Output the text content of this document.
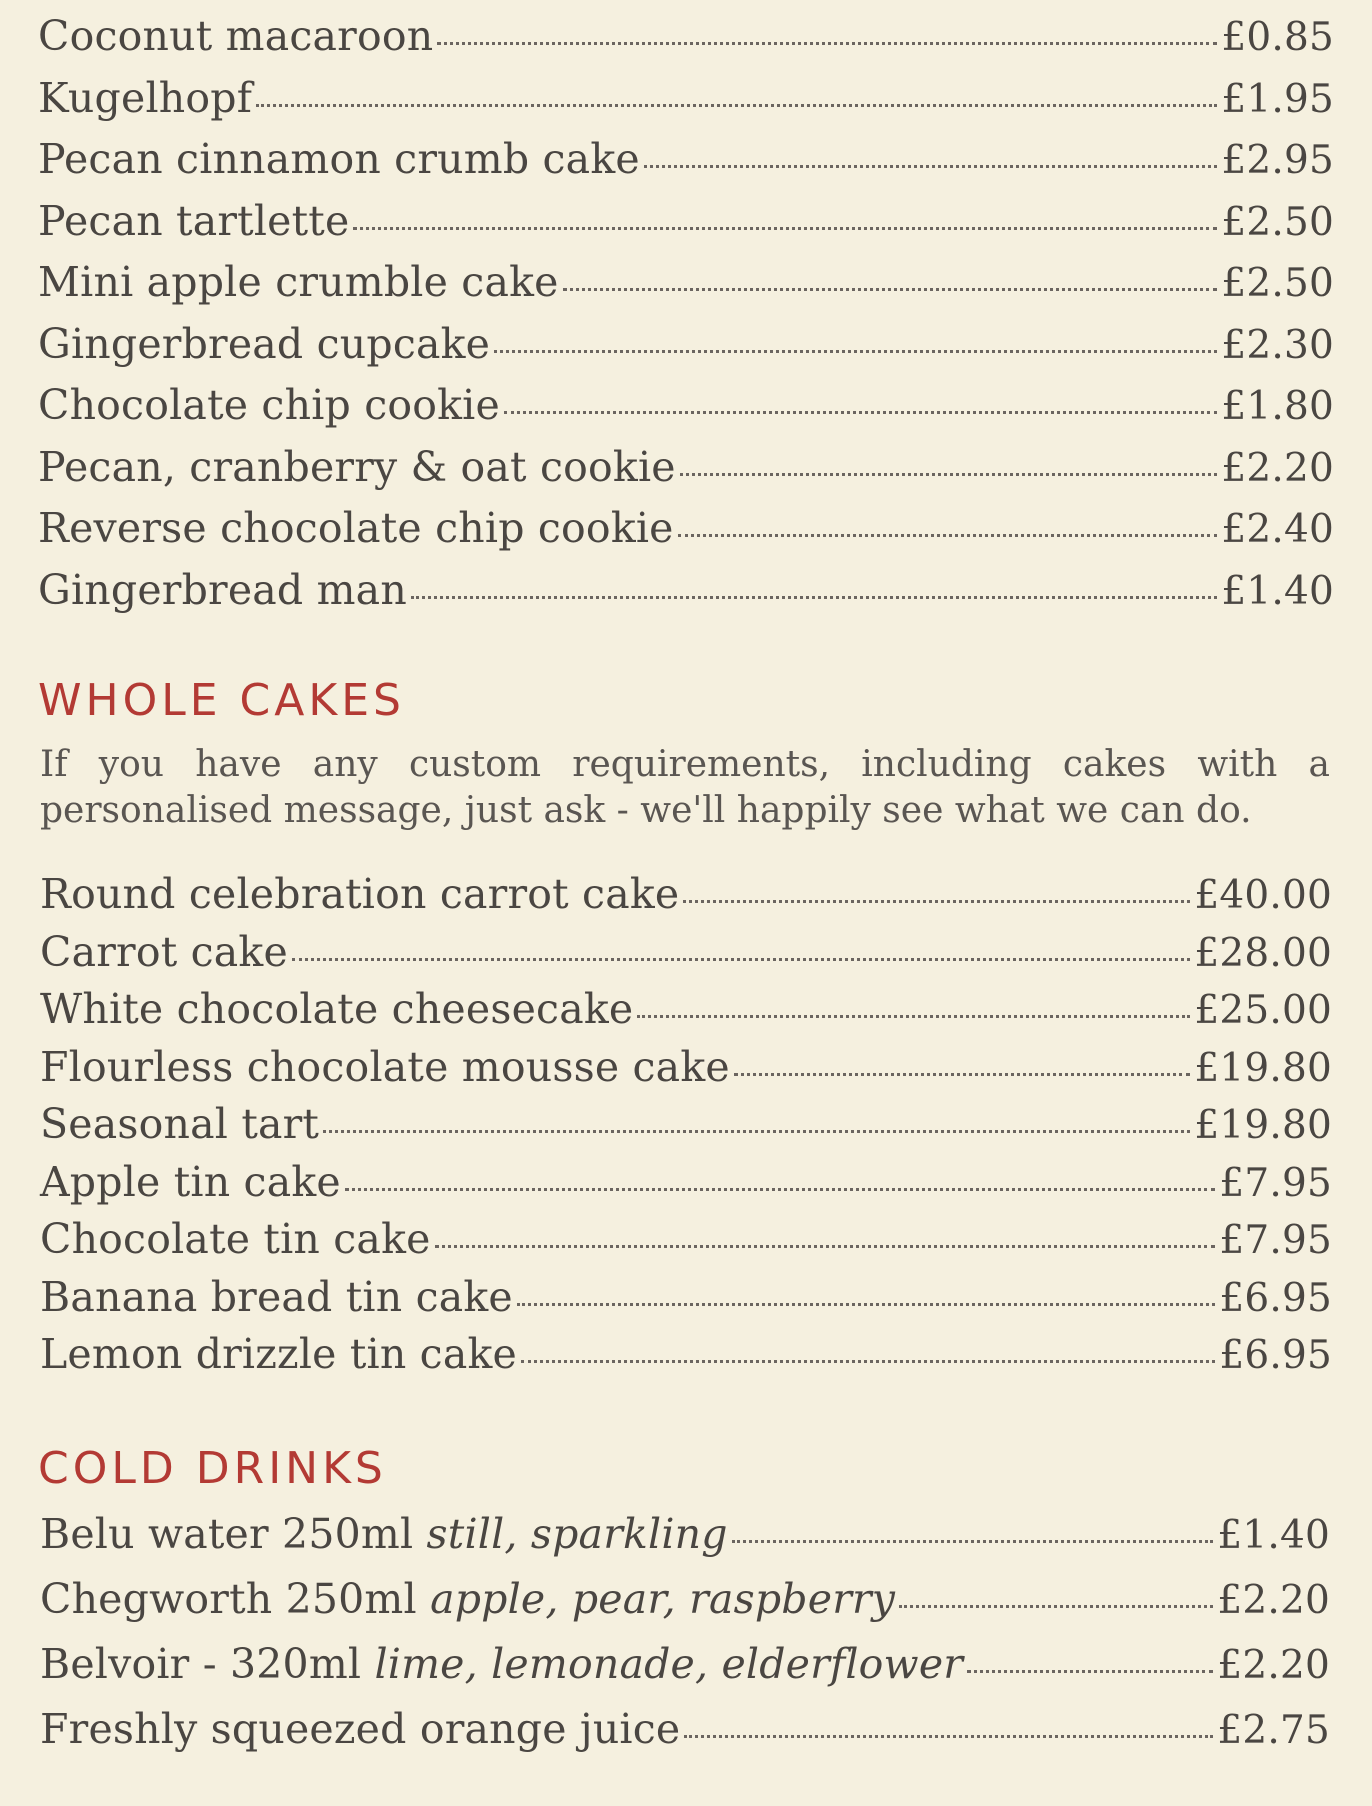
Coconut macaroon	£0.85
Kugelhopf	£1.95
Pecan cinnamon crumb cake	£2.95
Pecan tartlette	£2.50
Mini apple crumble cake	£2.50
Gingerbread cupcake	£2.30
Chocolate chip cookie	£1.80
Pecan, cranberry & oat cookie	£2.20
Reverse chocolate chip cookie	£2.40
Gingerbread man	£1.40
WHOLE CAKES

If you have any custom requirements, including cakes with a personalised message, just ask - we'll happily see what we can do.

Round celebration carrot cake	£40.00
Carrot cake	£28.00
White chocolate cheesecake	£25.00
Flourless chocolate mousse cake	£19.80
Seasonal tart	£19.80
Apple tin cake	£7.95
Chocolate tin cake	£7.95
Banana bread tin cake	£6.95
Lemon drizzle tin cake	£6.95
COLD DRINKS
Belu water 250ml still, sparkling	£1.40
Chegworth 250ml apple, pear, raspberry	£2.20
Belvoir - 320ml lime, lemonade, elderflower	£2.20
Freshly squeezed orange juice	£2.75
